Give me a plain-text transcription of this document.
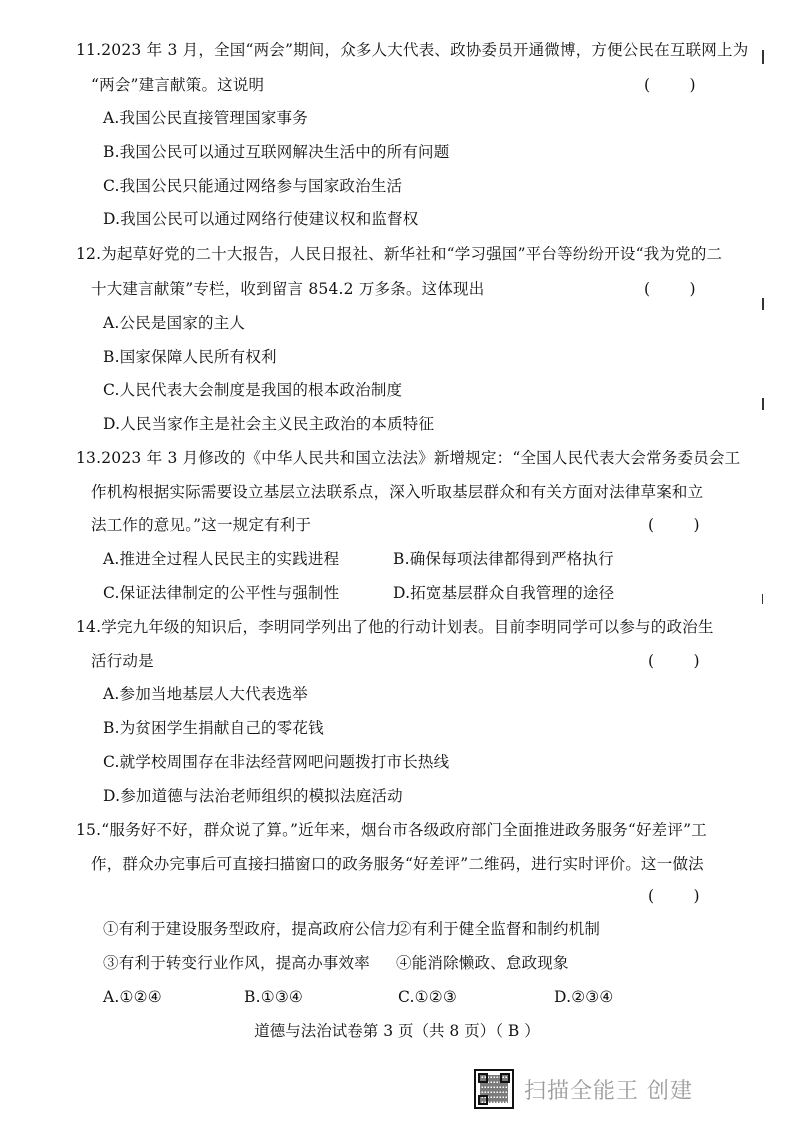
11.2023 年 3 月，全国“两会”期间，众多人大代表、政协委员开通微博，方便公民在互联网上为
“两会”建言献策。这说明	(        )
A.我国公民直接管理国家事务
B.我国公民可以通过互联网解决生活中的所有问题
C.我国公民只能通过网络参与国家政治生活
D.我国公民可以通过网络行使建议权和监督权
12.为起草好党的二十大报告，人民日报社、新华社和“学习强国”平台等纷纷开设“我为党的二
十大建言献策”专栏，收到留言 854.2 万多条。这体现出	(        )
A.公民是国家的主人
B.国家保障人民所有权利
C.人民代表大会制度是我国的根本政治制度
D.人民当家作主是社会主义民主政治的本质特征
13.2023 年 3 月修改的《中华人民共和国立法法》新增规定：“全国人民代表大会常务委员会工
作机构根据实际需要设立基层立法联系点，深入听取基层群众和有关方面对法律草案和立
法工作的意见。”这一规定有利于	(        )
A.推进全过程人民民主的实践进程	B.确保每项法律都得到严格执行
C.保证法律制定的公平性与强制性	D.拓宽基层群众自我管理的途径
14.学完九年级的知识后，李明同学列出了他的行动计划表。目前李明同学可以参与的政治生
活行动是	(        )
A.参加当地基层人大代表选举
B.为贫困学生捐献自己的零花钱
C.就学校周围存在非法经营网吧问题拨打市长热线
D.参加道德与法治老师组织的模拟法庭活动
15.“服务好不好，群众说了算。”近年来，烟台市各级政府部门全面推进政务服务“好差评”工
作，群众办完事后可直接扫描窗口的政务服务“好差评”二维码，进行实时评价。这一做法
(        )
①有利于建设服务型政府，提高政府公信力
②有利于健全监督和制约机制
③有利于转变行业作风，提高办事效率 ④能消除懒政、怠政现象
A.①②④	B.①③④	C.①②③	D.②③④
道德与法治试卷第 3 页（共 8 页）（ B ）
扫描全能王 创建
